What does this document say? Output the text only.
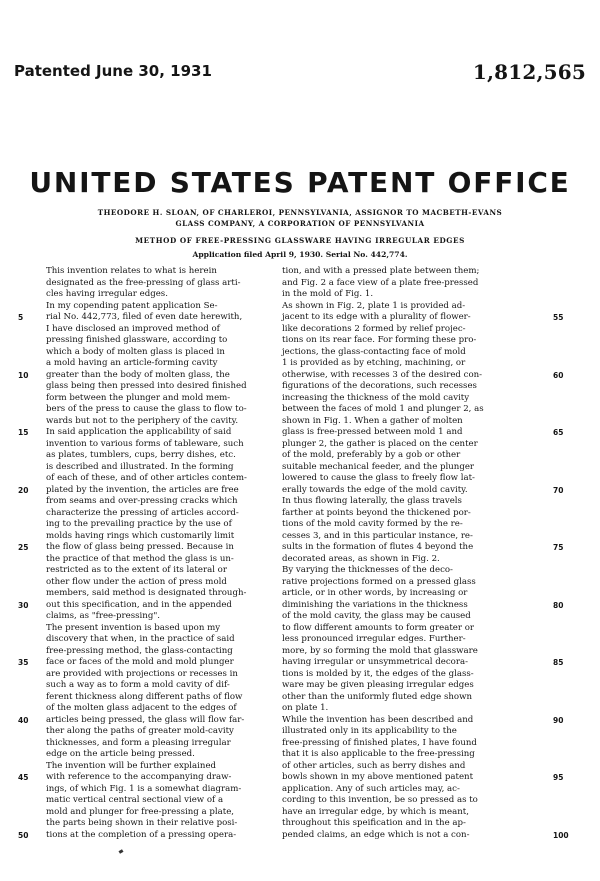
Patented June 30, 1931	1,812,565
UNITED STATES PATENT OFFICE
THEODORE H. SLOAN, OF CHARLEROI, PENNSYLVANIA, ASSIGNOR TO MACBETH-EVANS
GLASS COMPANY, A CORPORATION OF PENNSYLVANIA
METHOD OF FREE-PRESSING GLASSWARE HAVING IRREGULAR EDGES
Application filed April 9, 1930. Serial No. 442,774.
This invention relates to what is herein
designated as the free-pressing of glass arti-
cles having irregular edges.
In my copending patent application Se-
rial No. 442,773, filed of even date herewith,
I have disclosed an improved method of
pressing finished glassware, according to
which a body of molten glass is placed in
a mold having an article-forming cavity
greater than the body of molten glass, the
glass being then pressed into desired finished
form between the plunger and mold mem-
bers of the press to cause the glass to flow to-
wards but not to the periphery of the cavity.
In said application the applicability of said
invention to various forms of tableware, such
as plates, tumblers, cups, berry dishes, etc.
is described and illustrated. In the forming
of each of these, and of other articles contem-
plated by the invention, the articles are free
from seams and over-pressing cracks which
characterize the pressing of articles accord-
ing to the prevailing practice by the use of
molds having rings which customarily limit
the flow of glass being pressed. Because in
the practice of that method the glass is un-
restricted as to the extent of its lateral or
other flow under the action of press mold
members, said method is designated through-
out this specification, and in the appended
claims, as "free-pressing".
The present invention is based upon my
discovery that when, in the practice of said
free-pressing method, the glass-contacting
face or faces of the mold and mold plunger
are provided with projections or recesses in
such a way as to form a mold cavity of dif-
ferent thickness along different paths of flow
of the molten glass adjacent to the edges of
articles being pressed, the glass will flow far-
ther along the paths of greater mold-cavity
thicknesses, and form a pleasing irregular
edge on the article being pressed.
The invention will be further explained
with reference to the accompanying draw-
ings, of which Fig. 1 is a somewhat diagram-
matic vertical central sectional view of a
mold and plunger for free-pressing a plate,
the parts being shown in their relative posi-
tions at the completion of a pressing opera-
tion, and with a pressed plate between them;
and Fig. 2 a face view of a plate free-pressed
in the mold of Fig. 1.
As shown in Fig. 2, plate 1 is provided ad-
jacent to its edge with a plurality of flower-
like decorations 2 formed by relief projec-
tions on its rear face. For forming these pro-
jections, the glass-contacting face of mold
1 is provided as by etching, machining, or
otherwise, with recesses 3 of the desired con-
figurations of the decorations, such recesses
increasing the thickness of the mold cavity
between the faces of mold 1 and plunger 2, as
shown in Fig. 1. When a gather of molten
glass is free-pressed between mold 1 and
plunger 2, the gather is placed on the center
of the mold, preferably by a gob or other
suitable mechanical feeder, and the plunger
lowered to cause the glass to freely flow lat-
erally towards the edge of the mold cavity.
In thus flowing laterally, the glass travels
farther at points beyond the thickened por-
tions of the mold cavity formed by the re-
cesses 3, and in this particular instance, re-
sults in the formation of flutes 4 beyond the
decorated areas, as shown in Fig. 2.
By varying the thicknesses of the deco-
rative projections formed on a pressed glass
article, or in other words, by increasing or
diminishing the variations in the thickness
of the mold cavity, the glass may be caused
to flow different amounts to form greater or
less pronounced irregular edges. Further-
more, by so forming the mold that glassware
having irregular or unsymmetrical decora-
tions is molded by it, the edges of the glass-
ware may be given pleasing irregular edges
other than the uniformly fluted edge shown
on plate 1.
While the invention has been described and
illustrated only in its applicability to the
free-pressing of finished plates, I have found
that it is also applicable to the free-pressing
of other articles, such as berry dishes and
bowls shown in my above mentioned patent
application. Any of such articles may, ac-
cording to this invention, be so pressed as to
have an irregular edge, by which is meant,
throughout this speification and in the ap-
pended claims, an edge which is not a con-
5
10
15
20
25
30
35
40
45
50
55
60
65
70
75
80
85
90
95
100
